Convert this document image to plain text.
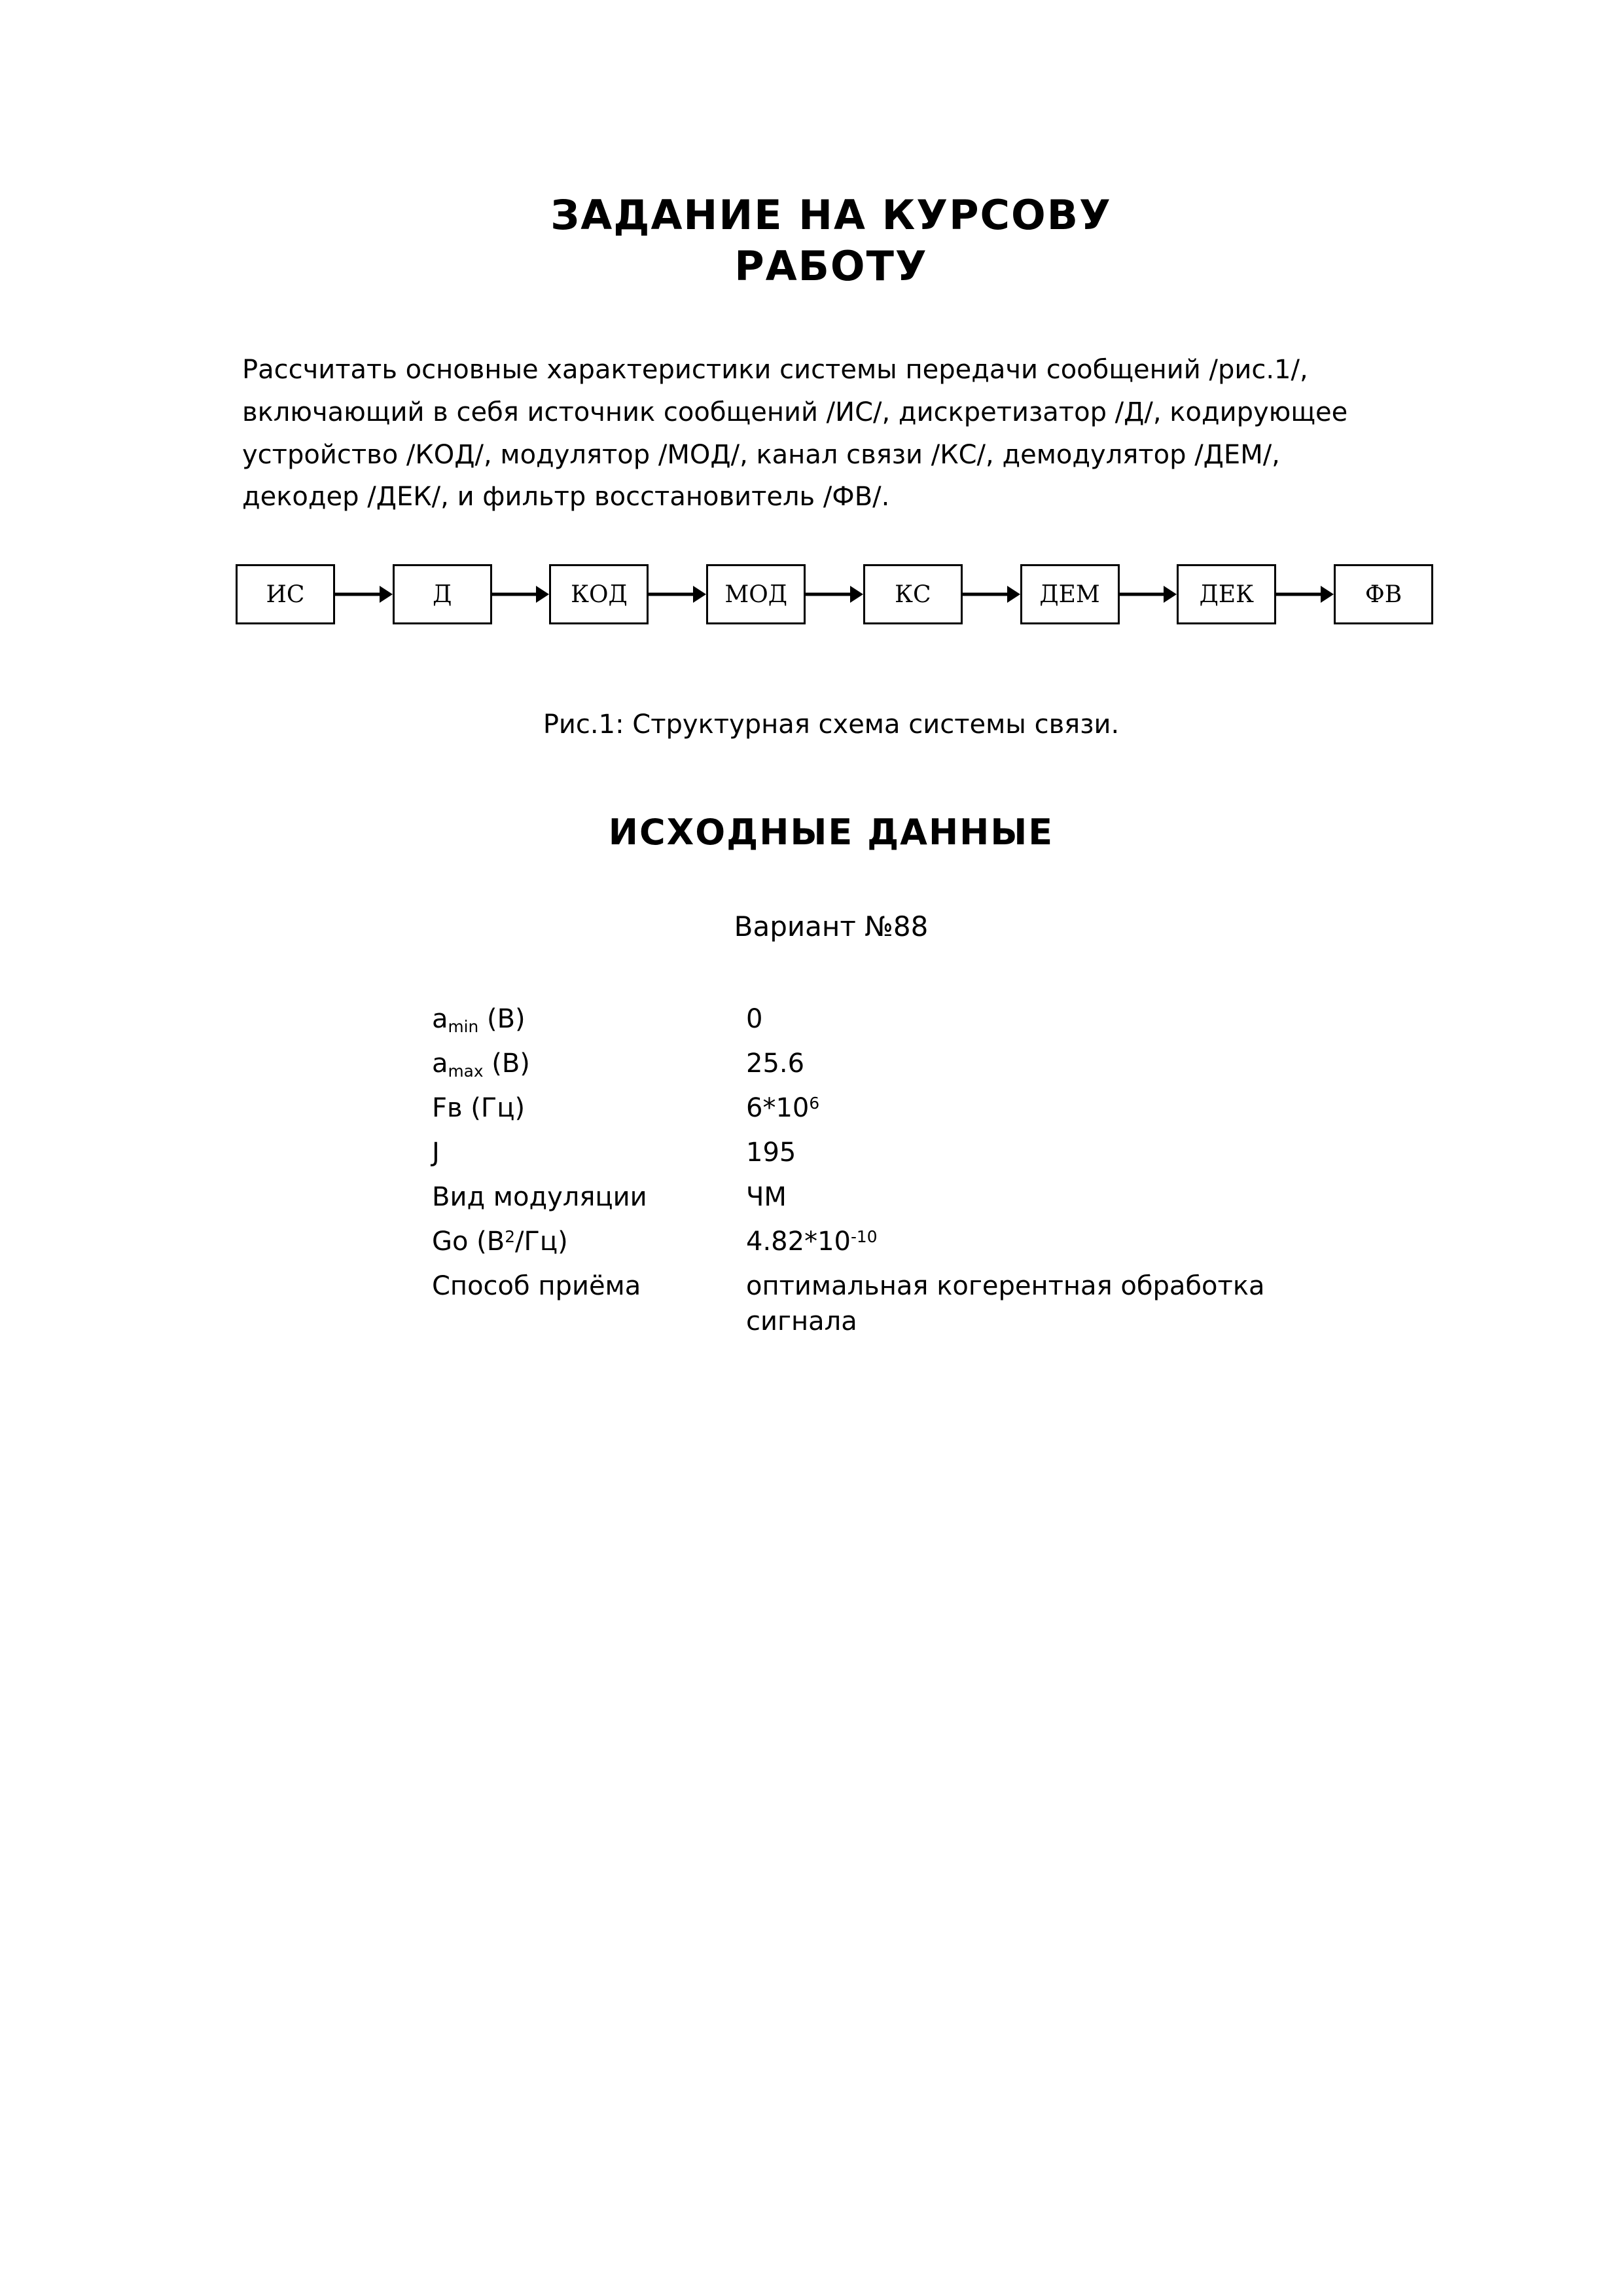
ЗАДАНИЕ НА КУРСОВУ
РАБОТУ

Рассчитать основные характеристики системы передачи сообщений /рис.1/, включающий в себя источник сообщений /ИС/, дискретизатор /Д/, кодирующее устройство /КОД/, модулятор /МОД/, канал связи /КС/, демодулятор /ДЕМ/, декодер /ДЕК/, и фильтр восстановитель /ФВ/.

ИС	Д	КОД	МОД	КС	ДЕМ	ДЕК	ФВ
Рис.1: Структурная схема системы связи.
ИСХОДНЫЕ ДАННЫЕ
Вариант №88
$a_{min}$ (В)	0
$a_{max}$ (В)	25.6
Fв (Гц)	$6*10^6$
J	195
Вид модуляции	ЧМ
Go $(В^2/Гц)$	$4.82*10^{-10}$
Способ приёма	оптимальная когерентная обработка сигнала
